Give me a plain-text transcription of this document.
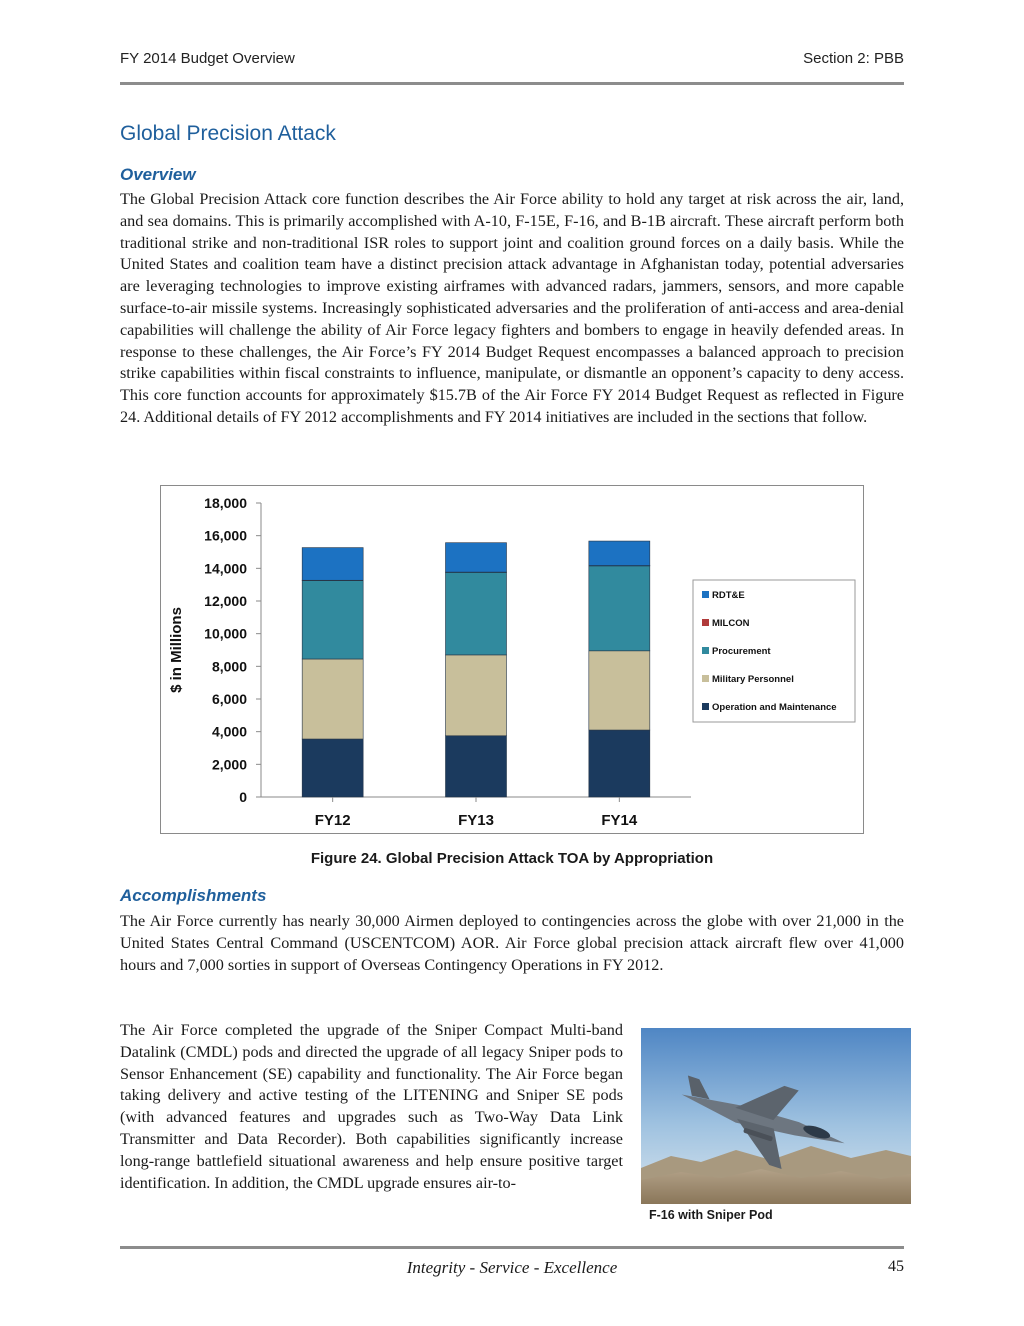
FY 2014 Budget Overview	Section 2: PBB
Global Precision Attack
Overview

The Global Precision Attack core function describes the Air Force ability to hold any target at risk across the air, land, and sea domains. This is primarily accomplished with A-10, F-15E, F-16, and B-1B aircraft. These aircraft perform both traditional strike and non-traditional ISR roles to support joint and coalition ground forces on a daily basis. While the United States and coalition team have a distinct precision attack advantage in Afghanistan today, potential adversaries are leveraging technologies to improve existing airframes with advanced radars, jammers, sensors, and more capable surface-to-air missile systems. Increasingly sophisticated adversaries and the proliferation of anti-access and area-denial capabilities will challenge the ability of Air Force legacy fighters and bombers to engage in heavily defended areas. In response to these challenges, the Air Force’s FY 2014 Budget Request encompasses a balanced approach to precision strike capabilities within fiscal constraints to influence, manipulate, or dismantle an opponent’s capacity to deny access. This core function accounts for approximately $15.7B of the Air Force FY 2014 Budget Request as reflected in Figure 24. Additional details of FY 2012 accomplishments and FY 2014 initiatives are included in the sections that follow.

0
2,000
4,000
6,000
8,000
10,000
12,000
14,000
16,000
18,000
$ in Millions
FY12	FY13	FY14
RDT&E
MILCON
Procurement
Military Personnel
Operation and Maintenance
Figure 24. Global Precision Attack TOA by Appropriation
Accomplishments

The Air Force currently has nearly 30,000 Airmen deployed to contingencies across the globe with over 21,000 in the United States Central Command (USCENTCOM) AOR. Air Force global precision attack aircraft flew over 41,000 hours and 7,000 sorties in support of Overseas Contingency Operations in FY 2012.

The Air Force completed the upgrade of the Sniper Compact Multi-band Datalink (CMDL) pods and directed the upgrade of all legacy Sniper pods to Sensor Enhancement (SE) capability and functionality. The Air Force began taking delivery and active testing of the LITENING and Sniper SE pods (with advanced features and upgrades such as Two-Way Data Link Transmitter and Data Recorder). Both capabilities significantly increase long-range battlefield situational awareness and help ensure positive target identification. In addition, the CMDL upgrade ensures air-to-

F-16 with Sniper Pod
Integrity - Service - Excellence	45
